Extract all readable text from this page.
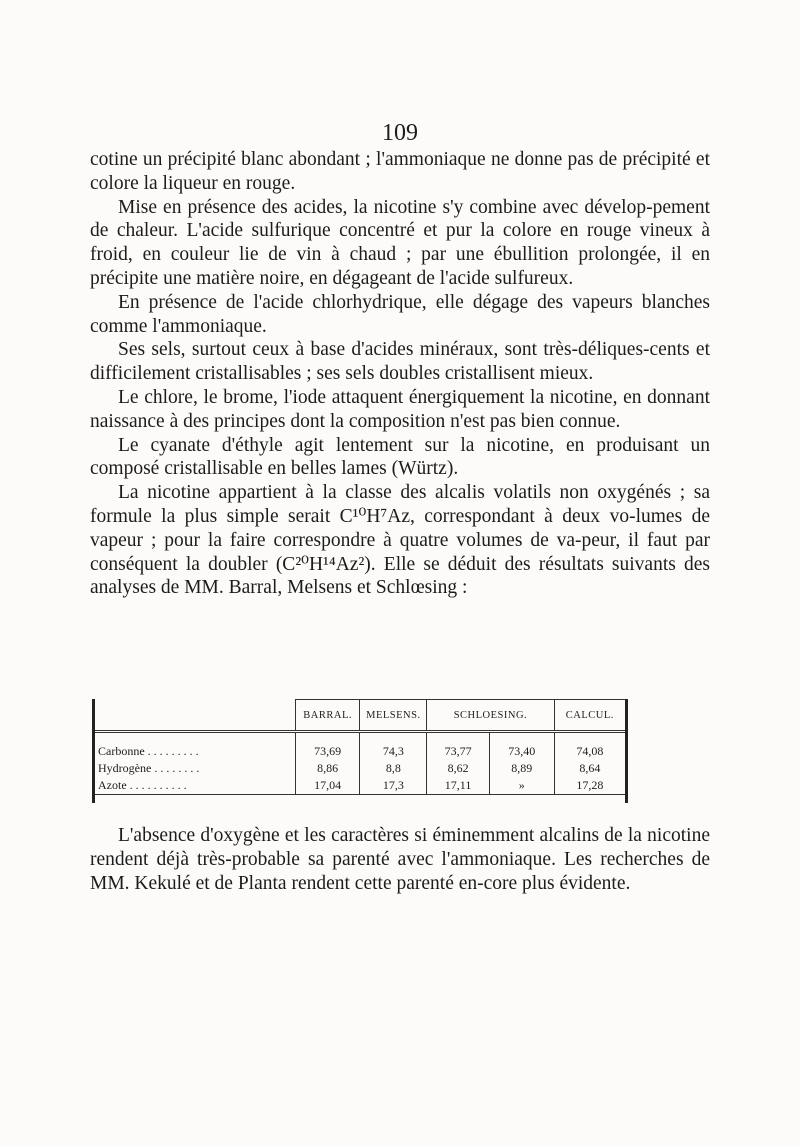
109

cotine un précipité blanc abondant ; l'ammoniaque ne donne pas de précipité et colore la liqueur en rouge.

Mise en présence des acides, la nicotine s'y combine avec dévelop-pement de chaleur. L'acide sulfurique concentré et pur la colore en rouge vineux à froid, en couleur lie de vin à chaud ; par une ébullition prolongée, il en précipite une matière noire, en dégageant de l'acide sulfureux.

En présence de l'acide chlorhydrique, elle dégage des vapeurs blanches comme l'ammoniaque.

Ses sels, surtout ceux à base d'acides minéraux, sont très-déliques-cents et difficilement cristallisables ; ses sels doubles cristallisent mieux.

Le chlore, le brome, l'iode attaquent énergiquement la nicotine, en donnant naissance à des principes dont la composition n'est pas bien connue.

Le cyanate d'éthyle agit lentement sur la nicotine, en produisant un composé cristallisable en belles lames (Würtz).

La nicotine appartient à la classe des alcalis volatils non oxygénés ; sa formule la plus simple serait C¹⁰H⁷Az, correspondant à deux vo-lumes de vapeur ; pour la faire correspondre à quatre volumes de va-peur, il faut par conséquent la doubler (C²⁰H¹⁴Az²). Elle se déduit des résultats suivants des analyses de MM. Barral, Melsens et Schlœsing :

	BARRAL.	MELSENS.	SCHLOESING.		CALCUL.
Carbonne . . . . . . . . .	73,69	74,3	73,77	73,40	74,08
Hydrogène . . . . . . . .	8,86	8,8	8,62	8,89	8,64
Azote . . . . . . . . . .	17,04	17,3	17,11	»	17,28

L'absence d'oxygène et les caractères si éminemment alcalins de la nicotine rendent déjà très-probable sa parenté avec l'ammoniaque. Les recherches de MM. Kekulé et de Planta rendent cette parenté en-core plus évidente.
